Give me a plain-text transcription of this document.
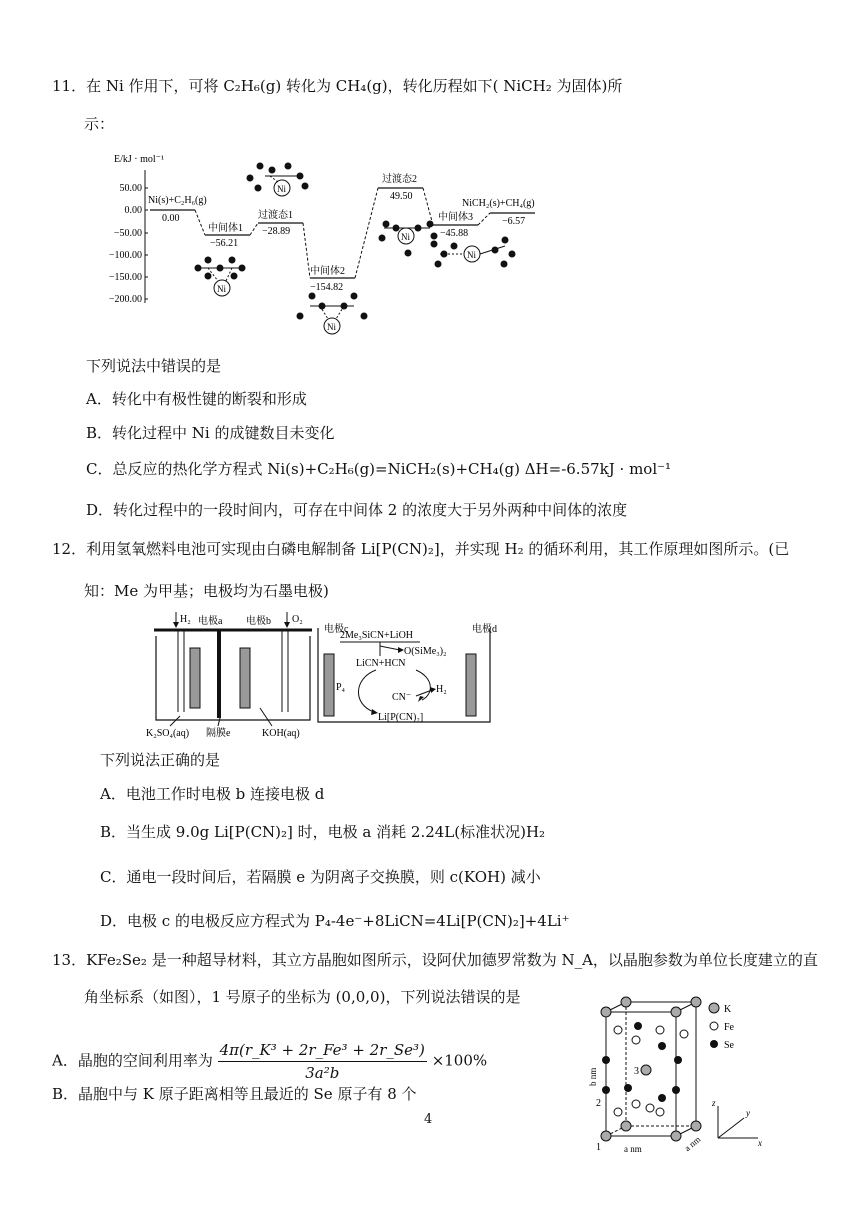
11．在 Ni 作用下，可将 C₂H₆(g) 转化为 CH₄(g)，转化历程如下( NiCH₂ 为固体)所
示：
E/kJ · mol⁻¹
50.00
0.00
−50.00
−100.00
−150.00
−200.00
Ni(s)+C₂H₆(g)
0.00
中间体1
−56.21
过渡态1
−28.89
中间体2
−154.82
过渡态2
49.50
中间体3
−45.88
NiCH₂(s)+CH₄(g)
−6.57
Ni
Ni
Ni
Ni
Ni
下列说法中错误的是
A．转化中有极性键的断裂和形成
B．转化过程中 Ni 的成键数目未变化
C．总反应的热化学方程式 Ni(s)+C₂H₆(g)=NiCH₂(s)+CH₄(g) ΔH=-6.57kJ · mol⁻¹
D．转化过程中的一段时间内，可存在中间体 2 的浓度大于另外两种中间体的浓度
12．利用氢氧燃料电池可实现由白磷电解制备 Li[P(CN)₂]，并实现 H₂ 的循环利用，其工作原理如图所示。(已
知：Me 为甲基；电极均为石墨电极)
H₂ 电极a 电极b O₂
K₂SO₄(aq) 隔膜e	KOH(aq)
电极c	电极d
2Me₃SiCN+LiOH
O(SiMe₃)₂
LiCN+HCN
P₄
CN⁻
H₂
Li[P(CN)₂]
下列说法正确的是
A．电池工作时电极 b 连接电极 d
B．当生成 9.0g Li[P(CN)₂] 时，电极 a 消耗 2.24L(标准状况)H₂
C．通电一段时间后，若隔膜 e 为阴离子交换膜，则 c(KOH) 减小
D．电极 c 的电极反应方程式为 P₄-4e⁻+8LiCN=4Li[P(CN)₂]+4Li⁺
13．KFe₂Se₂ 是一种超导材料，其立方晶胞如图所示，设阿伏加德罗常数为 N_A，以晶胞参数为单位长度建立的直
角坐标系（如图），1 号原子的坐标为 (0,0,0)，下列说法错误的是
A．晶胞的空间利用率为 $\frac{\text{4π(r\_K³ + 2r\_Fe³ + 2r\_Se³)}}{\text{3a²b}} \times 100\%$
B．晶胞中与 K 原子距离相等且最近的 Se 原子有 8 个
b nm
2
3
1	a nm	a nm
K
Fe
Se
z
y
x
4
